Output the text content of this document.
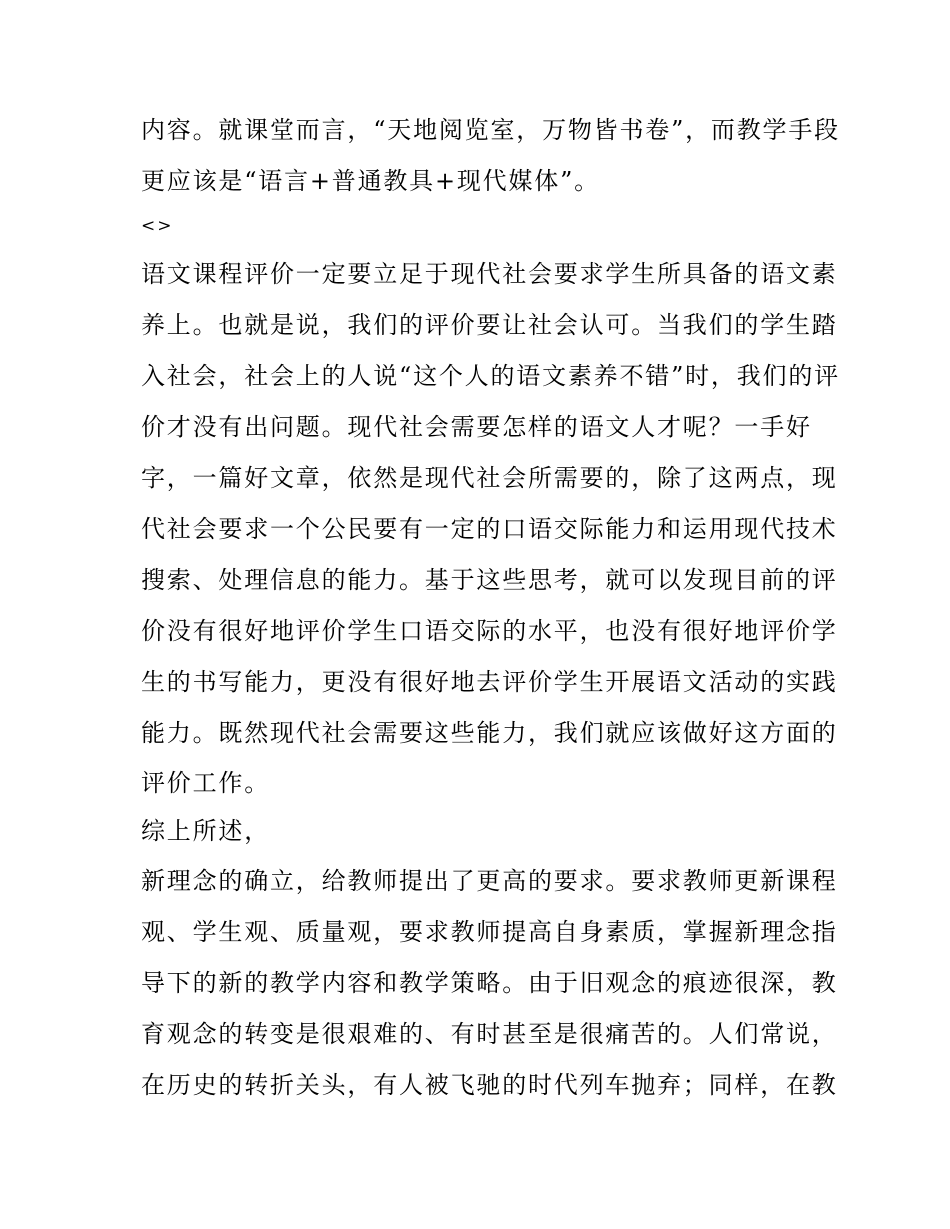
内容。就课堂而言，“天地阅览室，万物皆书卷”，而教学手段
更应该是“语言+普通教具+现代媒体”。
<>
语文课程评价一定要立足于现代社会要求学生所具备的语文素
养上。也就是说，我们的评价要让社会认可。当我们的学生踏
入社会，社会上的人说“这个人的语文素养不错”时，我们的评
价才没有出问题。现代社会需要怎样的语文人才呢？一手好
字，一篇好文章，依然是现代社会所需要的，除了这两点，现
代社会要求一个公民要有一定的口语交际能力和运用现代技术
搜索、处理信息的能力。基于这些思考，就可以发现目前的评
价没有很好地评价学生口语交际的水平，也没有很好地评价学
生的书写能力，更没有很好地去评价学生开展语文活动的实践
能力。既然现代社会需要这些能力，我们就应该做好这方面的
评价工作。
综上所述，
新理念的确立，给教师提出了更高的要求。要求教师更新课程
观、学生观、质量观，要求教师提高自身素质，掌握新理念指
导下的新的教学内容和教学策略。由于旧观念的痕迹很深，教
育观念的转变是很艰难的、有时甚至是很痛苦的。人们常说，
在历史的转折关头，有人被飞驰的时代列车抛弃；同样，在教
